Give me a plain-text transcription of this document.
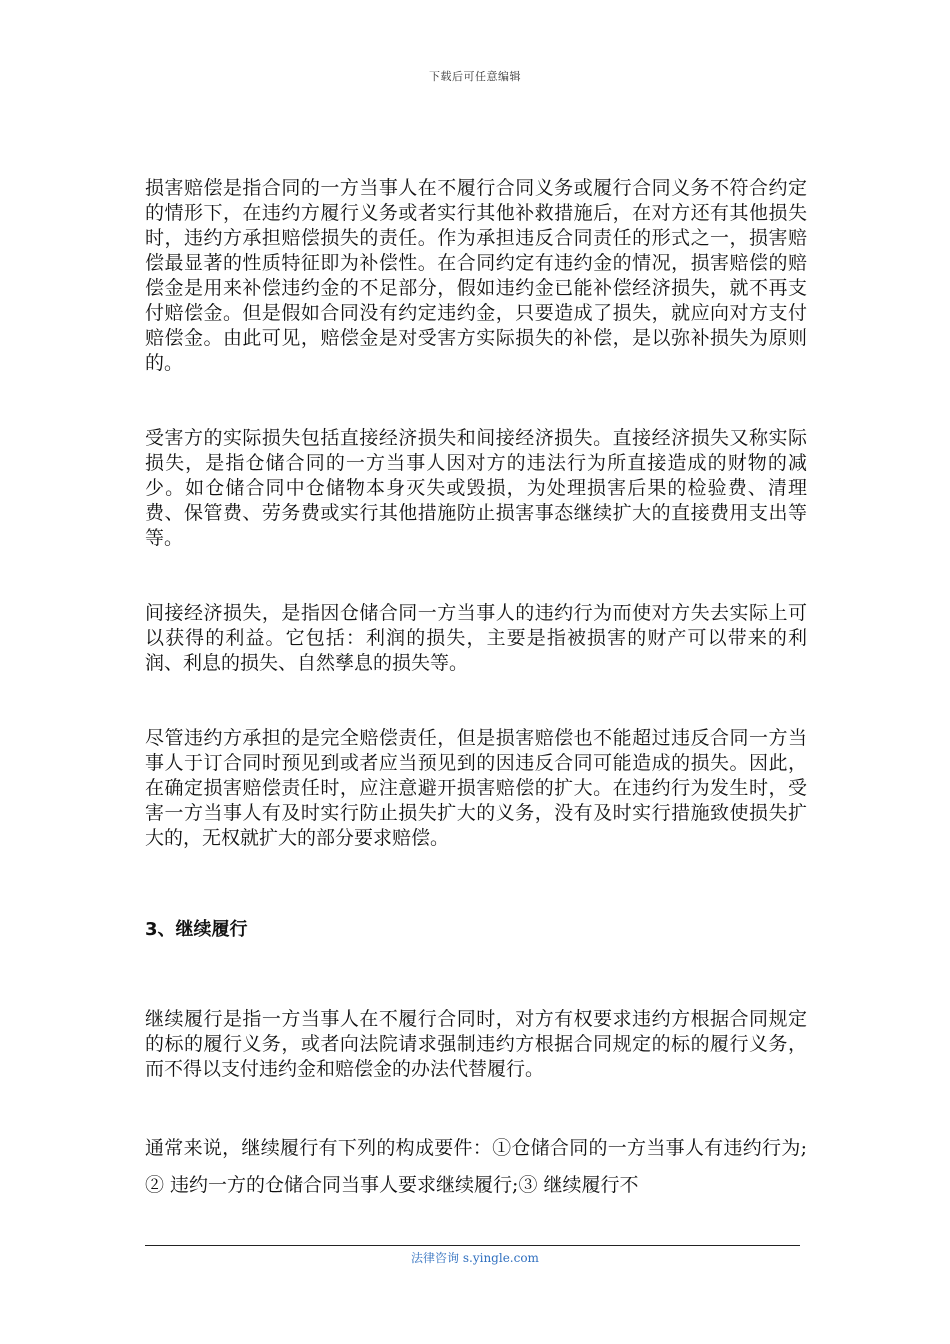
下载后可任意编辑

损害赔偿是指合同的一方当事人在不履行合同义务或履行合同义务不符合约定的情形下，在违约方履行义务或者实行其他补救措施后，在对方还有其他损失时，违约方承担赔偿损失的责任。作为承担违反合同责任的形式之一，损害赔偿最显著的性质特征即为补偿性。在合同约定有违约金的情况，损害赔偿的赔偿金是用来补偿违约金的不足部分，假如违约金已能补偿经济损失，就不再支付赔偿金。但是假如合同没有约定违约金，只要造成了损失，就应向对方支付赔偿金。由此可见，赔偿金是对受害方实际损失的补偿，是以弥补损失为原则的。

受害方的实际损失包括直接经济损失和间接经济损失。直接经济损失又称实际损失，是指仓储合同的一方当事人因对方的违法行为所直接造成的财物的减少。如仓储合同中仓储物本身灭失或毁损，为处理损害后果的检验费、清理费、保管费、劳务费或实行其他措施防止损害事态继续扩大的直接费用支出等等。

间接经济损失，是指因仓储合同一方当事人的违约行为而使对方失去实际上可以获得的利益。它包括：利润的损失，主要是指被损害的财产可以带来的利润、利息的损失、自然孳息的损失等。

尽管违约方承担的是完全赔偿责任，但是损害赔偿也不能超过违反合同一方当事人于订合同时预见到或者应当预见到的因违反合同可能造成的损失。因此，在确定损害赔偿责任时，应注意避开损害赔偿的扩大。在违约行为发生时，受害一方当事人有及时实行防止损失扩大的义务，没有及时实行措施致使损失扩大的，无权就扩大的部分要求赔偿。

3、继续履行

继续履行是指一方当事人在不履行合同时，对方有权要求违约方根据合同规定的标的履行义务，或者向法院请求强制违约方根据合同规定的标的履行义务，而不得以支付违约金和赔偿金的办法代替履行。

通常来说，继续履行有下列的构成要件：①仓储合同的一方当事人有违约行为;② 违约一方的仓储合同当事人要求继续履行;③ 继续履行不

法律咨询 s.yingle.com
